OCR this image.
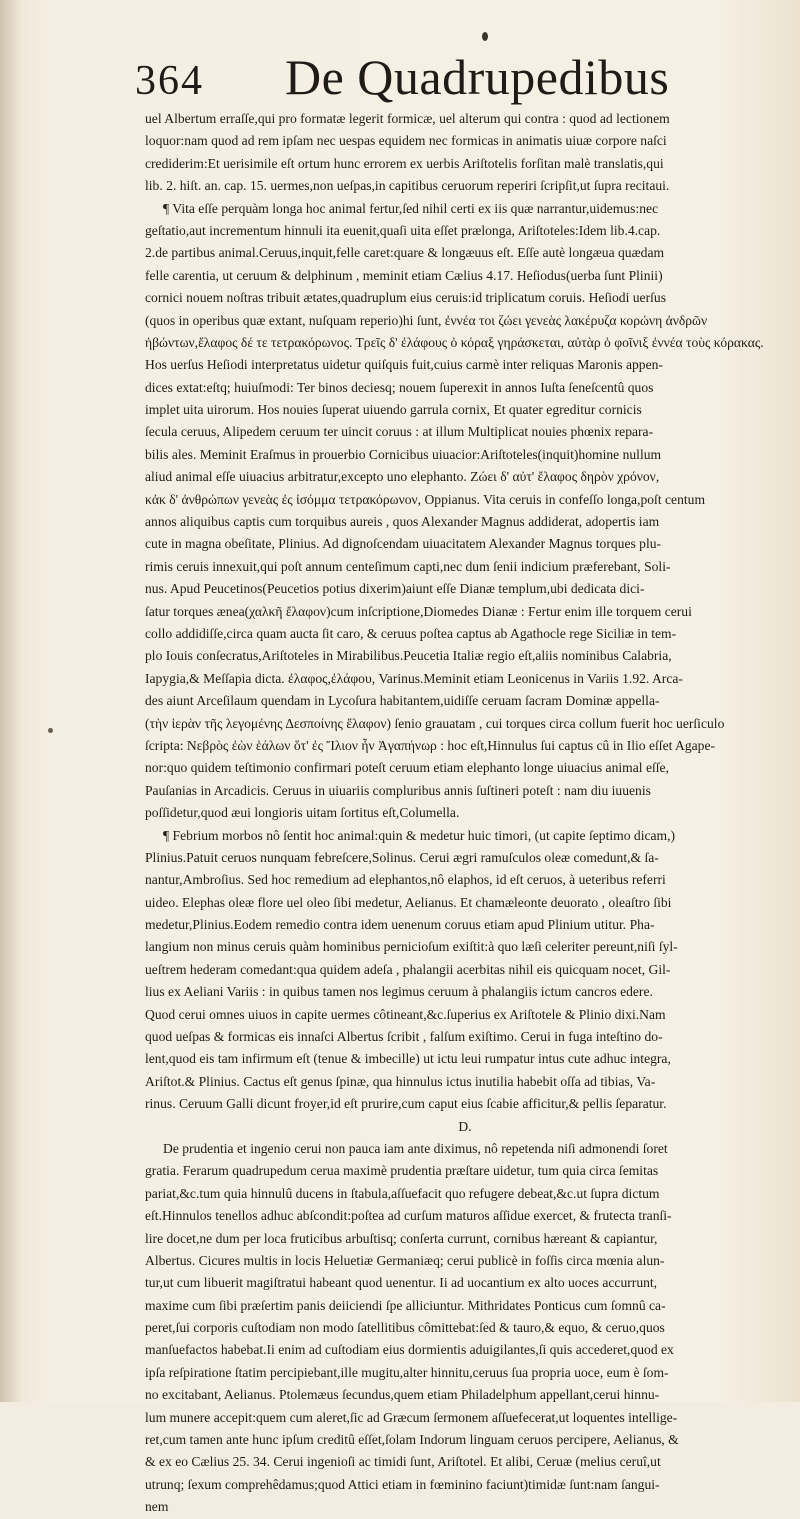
364 De Quadrupedibus
uel Albertum erraſſe,qui pro formatæ legerit formicæ, uel alterum qui contra : quod ad lectionem
loquor:nam quod ad rem ipſam nec uespas equidem nec formicas in animatis uiuæ corpore naſci
crediderim:Et uerisimile eſt ortum hunc errorem ex uerbis Ariſtotelis forſitan malè translatis,qui
lib. 2. hiſt. an. cap. 15. uermes,non ueſpas,in capitibus ceruorum reperiri ſcripſit,ut ſupra recitaui.
¶ Vita eſſe perquàm longa hoc animal fertur,ſed nihil certi ex iis quæ narrantur,uidemus:nec
geſtatio,aut incrementum hinnuli ita euenit,quaſi uita eſſet prælonga, Ariſtoteles:Idem lib.4.cap.
2.de partibus animal.Ceruus,inquit,felle caret:quare & longæuus eſt. Eſſe autè longæua quædam
felle carentia, ut ceruum & delphinum , meminit etiam Cælius 4.17. Heſiodus(uerba ſunt Plinii)
cornici nouem noſtras tribuit ætates,quadruplum eius ceruis:id triplicatum coruis. Heſiodi uerſus
(quos in operibus quæ extant, nuſquam reperio)hi ſunt, ἐννέα τοι ζώει γενεὰς λακέρυζα κορώνη ἀνδρῶν
ἡβώντων,ἔλαφος δέ τε τετρακόρωνος. Τρεῖς δ' ἐλάφους ὁ κόραξ γηράσκεται, αὐτὰρ ὁ φοῖνιξ ἐννέα τοὺς κόρακας.
Hos uerſus Heſiodi interpretatus uidetur quiſquis fuit,cuius carmè inter reliquas Maronis appen-
dices extat:eſtq; huiuſmodi: Ter binos deciesq; nouem ſuperexit in annos Iuſta ſeneſcentû quos
implet uita uirorum. Hos nouies ſuperat uiuendo garrula cornix, Et quater egreditur cornicis
ſecula ceruus, Alipedem ceruum ter uincit coruus : at illum Multiplicat nouies phœnix repara-
bilis ales. Meminit Eraſmus in prouerbio Cornicibus uiuacior:Ariſtoteles(inquit)homine nullum
aliud animal eſſe uiuacius arbitratur,excepto uno elephanto. Ζώει δ' αὐτ' ἔλαφος δηρὸν χρόνον,
κἀκ δ' ἀνθρώπων γενεὰς ἐς ἰσόμμα τετρακόρωνον, Oppianus. Vita ceruis in confeſſo longa,poſt centum
annos aliquibus captis cum torquibus aureis , quos Alexander Magnus addiderat, adopertis iam
cute in magna obeſitate, Plinius. Ad dignoſcendam uiuacitatem Alexander Magnus torques plu-
rimis ceruis innexuit,qui poſt annum centeſimum capti,nec dum ſenii indicium præferebant, Soli-
nus. Apud Peucetinos(Peucetios potius dixerim)aiunt eſſe Dianæ templum,ubi dedicata dici-
ſatur torques ænea(χαλκῆ ἔλαφον)cum inſcriptione,Diomedes Dianæ : Fertur enim ille torquem cerui
collo addidiſſe,circa quam aucta ſit caro, & ceruus poſtea captus ab Agathocle rege Siciliæ in tem-
plo Iouis conſecratus,Ariſtoteles in Mirabilibus.Peucetia Italiæ regio eſt,aliis nominibus Calabria,
Iapygia,& Meſſapia dicta. ἐλαφος,ἐλάφου, Varinus.Meminit etiam Leonicenus in Variis 1.92. Arca-
des aiunt Arceſilaum quendam in Lycoſura habitantem,uidiſſe ceruam ſacram Dominæ appella-
(τὴν ἱερὰν τῆς λεγομένης Δεσποίνης ἔλαφον) ſenio grauatam , cui torques circa collum fuerit hoc uerſiculo
ſcripta: Νεβρὸς ἐὼν ἑάλων ὅτ' ἐς Ἴλιον ἦν Ἀγαπήνωρ : hoc eſt,Hinnulus ſui captus cû in Ilio eſſet Agape-
nor:quo quidem teſtimonio confirmari poteſt ceruum etiam elephanto longe uiuacius animal eſſe,
Pauſanias in Arcadicis. Ceruus in uiuariis compluribus annis ſuſtineri poteſt : nam diu iuuenis
poſſidetur,quod æui longioris uitam ſortitus eſt,Columella.
¶ Febrium morbos nô ſentit hoc animal:quin & medetur huic timori, (ut capite ſeptimo dicam,)
Plinius.Patuit ceruos nunquam febreſcere,Solinus. Cerui ægri ramuſculos oleæ comedunt,& ſa-
nantur,Ambroſius. Sed hoc remedium ad elephantos,nô elaphos, id eſt ceruos, à ueteribus referri
uideo. Elephas oleæ flore uel oleo ſibi medetur, Aelianus. Et chamæleonte deuorato , oleaſtro ſibi
medetur,Plinius.Eodem remedio contra idem uenenum coruus etiam apud Plinium utitur. Pha-
langium non minus ceruis quàm hominibus pernicioſum exiſtit:à quo læſi celeriter pereunt,niſi ſyl-
ueſtrem hederam comedant:qua quidem adeſa , phalangii acerbitas nihil eis quicquam nocet, Gil-
lius ex Aeliani Variis : in quibus tamen nos legimus ceruum à phalangiis ictum cancros edere.
Quod cerui omnes uiuos in capite uermes côtineant,&c.ſuperius ex Ariſtotele & Plinio dixi.Nam
quod ueſpas & formicas eis innaſci Albertus ſcribit , falſum exiſtimo. Cerui in fuga inteſtino do-
lent,quod eis tam infirmum eſt (tenue & imbecille) ut ictu leui rumpatur intus cute adhuc integra,
Ariſtot.& Plinius. Cactus eſt genus ſpinæ, qua hinnulus ictus inutilia habebit oſſa ad tibias, Va-
rinus. Ceruum Galli dicunt froyer,id eſt prurire,cum caput eius ſcabie afficitur,& pellis ſeparatur.
D.
De prudentia et ingenio cerui non pauca iam ante diximus, nô repetenda niſi admonendi ſoret
gratia. Ferarum quadrupedum cerua maximè prudentia præſtare uidetur, tum quia circa ſemitas
pariat,&c.tum quia hinnulû ducens in ſtabula,aſſuefacit quo refugere debeat,&c.ut ſupra dictum
eſt.Hinnulos tenellos adhuc abſcondit:poſtea ad curſum maturos aſſidue exercet, & frutecta tranſi-
lire docet,ne dum per loca fruticibus arbuſtisq; conſerta currunt, cornibus hæreant & capiantur,
Albertus. Cicures multis in locis Heluetiæ Germaniæq; cerui publicè in foſſis circa mœnia alun-
tur,ut cum libuerit magiſtratui habeant quod uenentur. Ii ad uocantium ex alto uoces accurrunt,
maxime cum ſibi præſertim panis deiiciendi ſpe alliciuntur. Mithridates Ponticus cum ſomnû ca-
peret,ſui corporis cuſtodiam non modo ſatellitibus cômittebat:ſed & tauro,& equo, & ceruo,quos
manſuefactos habebat.Ii enim ad cuſtodiam eius dormientis aduigilantes,ſi quis accederet,quod ex
ipſa reſpiratione ſtatim percipiebant,ille mugitu,alter hinnitu,ceruus ſua propria uoce, eum è ſom-
no excitabant, Aelianus. Ptolemæus ſecundus,quem etiam Philadelphum appellant,cerui hinnu-
lum munere accepit:quem cum aleret,ſic ad Græcum ſermonem aſſuefecerat,ut loquentes intellige-
ret,cum tamen ante hunc ipſum creditû eſſet,ſolam Indorum linguam ceruos percipere, Aelianus, &
& ex eo Cælius 25. 34. Cerui ingenioſi ac timidi ſunt, Ariſtotel. Et alibi, Ceruæ (melius ceruî,ut
utrunq; ſexum comprehêdamus;quod Attici etiam in fœminino faciunt)timidæ ſunt:nam ſangui-
nem
